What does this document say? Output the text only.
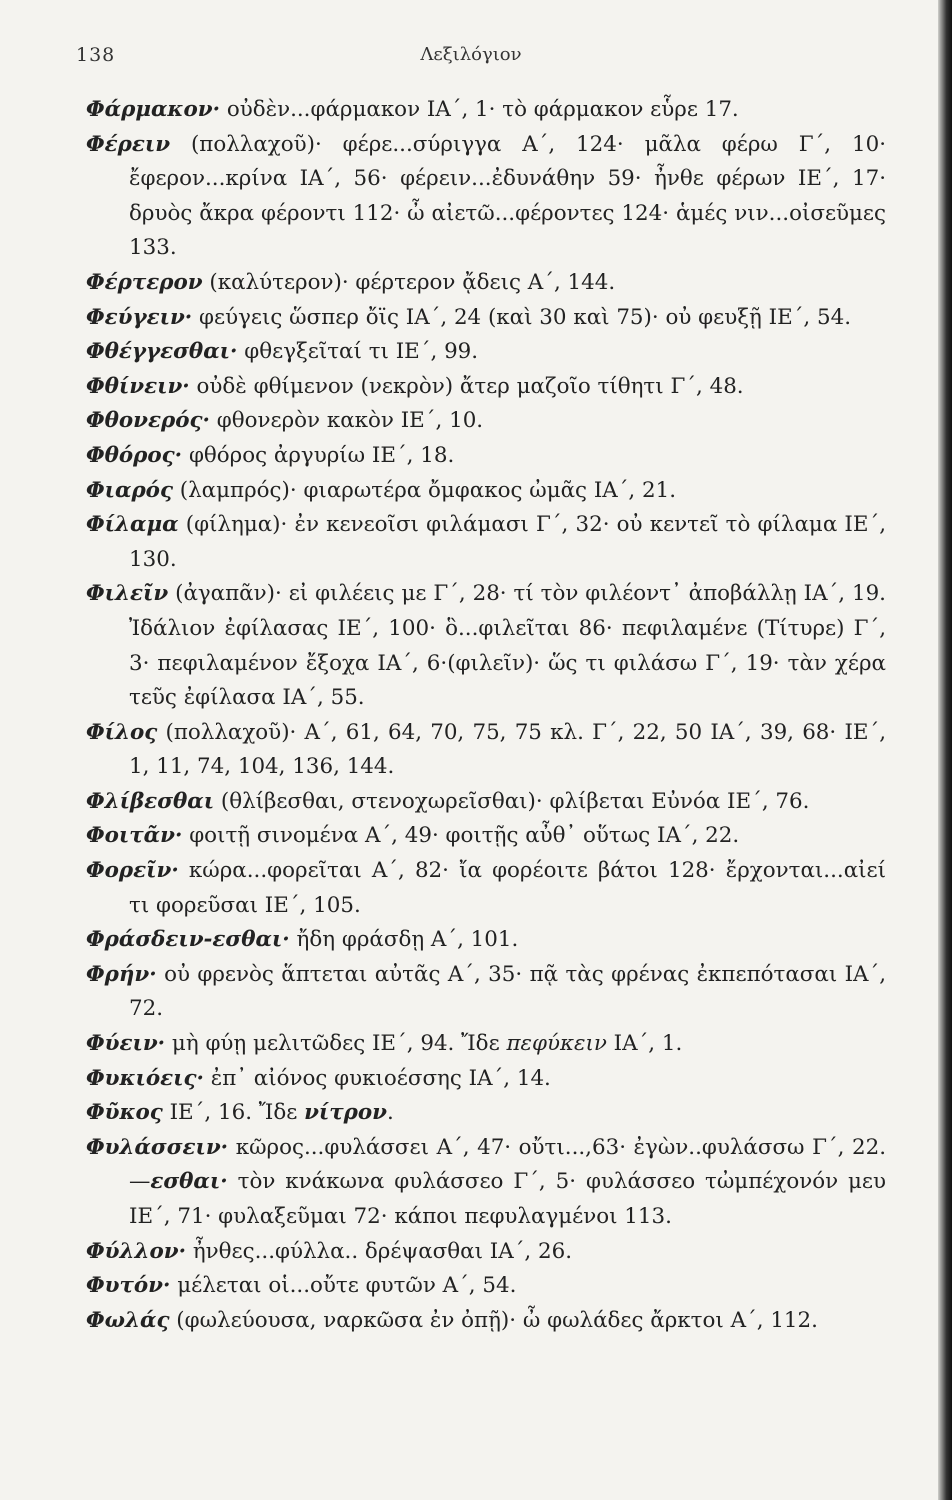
138	Λεξιλόγιον
Φάρμακον· οὐδὲν...φάρμακον ΙΑ΄, 1· τὸ φάρμακον εὗρε 17.
Φέρειν (πολλαχοῦ)· φέρε...σύριγγα Α΄, 124· μᾶλα φέρω Γ΄, 10· ἔφερον...κρίνα ΙΑ΄, 56· φέρειν...ἐδυνάθην 59· ἦνθε φέρων ΙΕ΄, 17· δρυὸς ἄκρα φέροντι 112· ὦ αἰετῶ...φέροντες 124· ἁμές νιν...οἰσεῦμες 133.
Φέρτερον (καλύτερον)· φέρτερον ᾄδεις Α΄, 144.
Φεύγειν· φεύγεις ὥσπερ ὄϊς ΙΑ΄, 24 (καὶ 30 καὶ 75)· οὐ φευξῇ ΙΕ΄, 54.
Φθέγγεσθαι· φθεγξεῖταί τι ΙΕ΄, 99.
Φθίνειν· οὐδὲ φθίμενον (νεκρὸν) ἄτερ μαζοῖο τίθητι Γ΄, 48.
Φθονερός· φθονερὸν κακὸν ΙΕ΄, 10.
Φθόρος· φθόρος ἀργυρίω ΙΕ΄, 18.
Φιαρός (λαμπρός)· φιαρωτέρα ὄμφακος ὠμᾶς ΙΑ΄, 21.
Φίλαμα (φίλημα)· ἐν κενεοῖσι φιλάμασι Γ΄, 32· οὐ κεντεῖ τὸ φίλαμα ΙΕ΄, 130.
Φιλεῖν (ἀγαπᾶν)· εἰ φιλέεις με Γ΄, 28· τί τὸν φιλέοντ᾽ ἀποβάλλῃ ΙΑ΄, 19. Ἰδάλιον ἐφίλασας ΙΕ΄, 100· ὃ...φιλεῖται 86· πεφιλαμένε (Τίτυρε) Γ΄, 3· πεφιλαμένον ἔξοχα ΙΑ΄, 6·(φιλεῖν)· ὥς τι φιλάσω Γ΄, 19· τὰν χέρα τεῦς ἐφίλασα ΙΑ΄, 55.
Φίλος (πολλαχοῦ)· Α΄, 61, 64, 70, 75, 75 κλ. Γ΄, 22, 50 ΙΑ΄, 39, 68· ΙΕ΄, 1, 11, 74, 104, 136, 144.
Φλίβεσθαι (θλίβεσθαι, στενοχωρεῖσθαι)· φλίβεται Εὐνόα ΙΕ΄, 76.
Φοιτᾶν· φοιτῇ σινομένα Α΄, 49· φοιτῇς αὖθ᾽ οὕτως ΙΑ΄, 22.
Φορεῖν· κώρα...φορεῖται Α΄, 82· ἴα φορέοιτε βάτοι 128· ἔρχονται...αἰεί τι φορεῦσαι ΙΕ΄, 105.
Φράσδειν-εσθαι· ἤδη φράσδῃ Α΄, 101.
Φρήν· οὐ φρενὸς ἅπτεται αὐτᾶς Α΄, 35· πᾷ τὰς φρένας ἐκπεπότασαι ΙΑ΄, 72.
Φύειν· μὴ φύῃ μελιτῶδες ΙΕ΄, 94. Ἴδε πεφύκειν ΙΑ΄, 1.
Φυκιόεις· ἐπ᾽ αἰόνος φυκιοέσσης ΙΑ΄, 14.
Φῦκος ΙΕ΄, 16. Ἴδε νίτρον.
Φυλάσσειν· κῶρος...φυλάσσει Α΄, 47· οὔτι...,63· ἐγὼν..φυλάσσω Γ΄, 22.—εσθαι· τὸν κνάκωνα φυλάσσεο Γ΄, 5· φυλάσσεο τὠμπέχονόν μευ ΙΕ΄, 71· φυλαξεῦμαι 72· κάποι πεφυλαγμένοι 113.
Φύλλον· ἦνθες...φύλλα.. δρέψασθαι ΙΑ΄, 26.
Φυτόν· μέλεται οἱ...οὔτε φυτῶν Α΄, 54.
Φωλάς (φωλεύουσα, ναρκῶσα ἐν ὀπῇ)· ὦ φωλάδες ἄρκτοι Α΄, 112.
